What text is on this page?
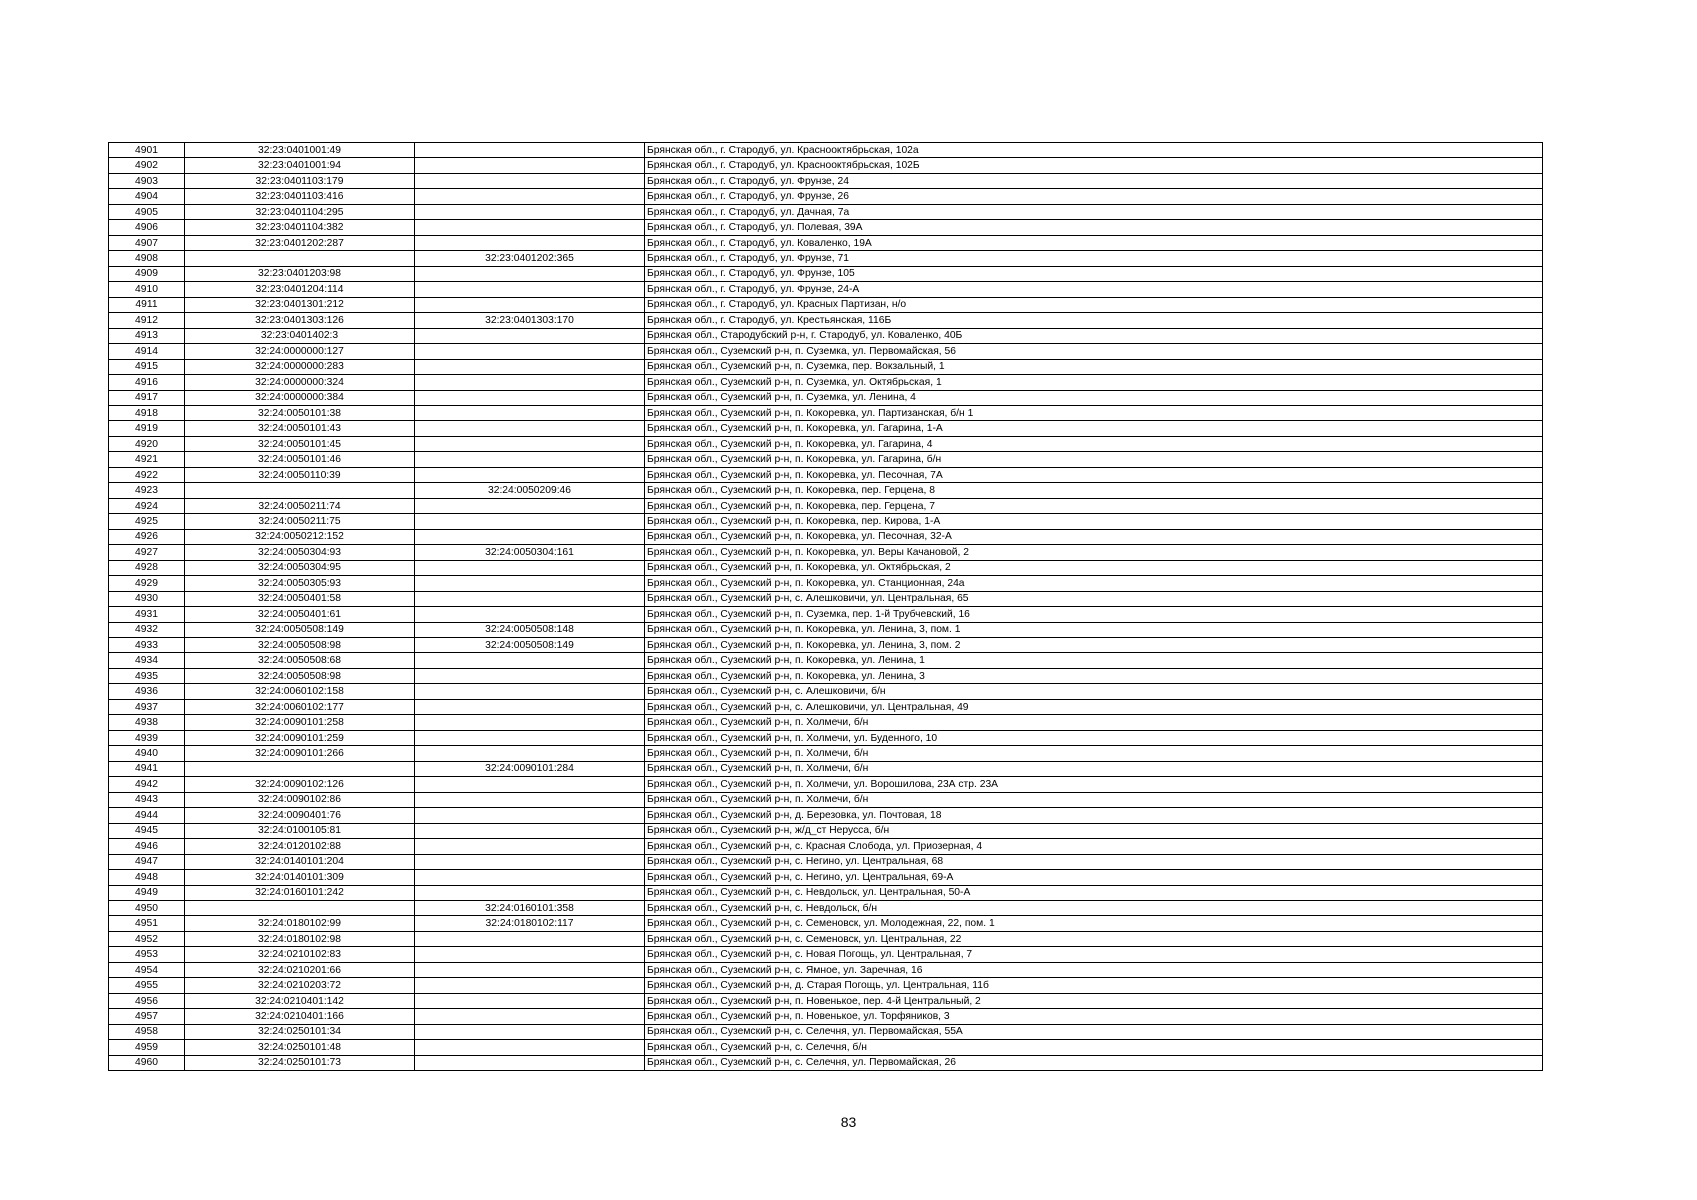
4901	32:23:0401001:49		Брянская обл., г. Стародуб, ул. Краснооктябрьская, 102а
4902	32:23:0401001:94		Брянская обл., г. Стародуб, ул. Краснооктябрьская, 102Б
4903	32:23:0401103:179		Брянская обл., г. Стародуб, ул. Фрунзе, 24
4904	32:23:0401103:416		Брянская обл., г. Стародуб, ул. Фрунзе, 26
4905	32:23:0401104:295		Брянская обл., г. Стародуб, ул. Дачная, 7а
4906	32:23:0401104:382		Брянская обл., г. Стародуб, ул. Полевая, 39А
4907	32:23:0401202:287		Брянская обл., г. Стародуб, ул. Коваленко, 19А
4908		32:23:0401202:365	Брянская обл., г. Стародуб, ул. Фрунзе, 71
4909	32:23:0401203:98		Брянская обл., г. Стародуб, ул. Фрунзе, 105
4910	32:23:0401204:114		Брянская обл., г. Стародуб, ул. Фрунзе, 24-А
4911	32:23:0401301:212		Брянская обл., г. Стародуб, ул. Красных Партизан, н/о
4912	32:23:0401303:126	32:23:0401303:170	Брянская обл., г. Стародуб, ул. Крестьянская, 116Б
4913	32:23:0401402:3		Брянская обл., Стародубский р-н, г. Стародуб, ул. Коваленко, 40Б
4914	32:24:0000000:127		Брянская обл., Суземский р-н, п. Суземка, ул. Первомайская, 56
4915	32:24:0000000:283		Брянская обл., Суземский р-н, п. Суземка, пер. Вокзальный, 1
4916	32:24:0000000:324		Брянская обл., Суземский р-н, п. Суземка, ул. Октябрьская, 1
4917	32:24:0000000:384		Брянская обл., Суземский р-н, п. Суземка, ул. Ленина, 4
4918	32:24:0050101:38		Брянская обл., Суземский р-н, п. Кокоревка, ул. Партизанская, б/н 1
4919	32:24:0050101:43		Брянская обл., Суземский р-н, п. Кокоревка, ул. Гагарина, 1-А
4920	32:24:0050101:45		Брянская обл., Суземский р-н, п. Кокоревка, ул. Гагарина, 4
4921	32:24:0050101:46		Брянская обл., Суземский р-н, п. Кокоревка, ул. Гагарина, б/н
4922	32:24:0050110:39		Брянская обл., Суземский р-н, п. Кокоревка, ул. Песочная, 7А
4923		32:24:0050209:46	Брянская обл., Суземский р-н, п. Кокоревка, пер. Герцена, 8
4924	32:24:0050211:74		Брянская обл., Суземский р-н, п. Кокоревка, пер. Герцена, 7
4925	32:24:0050211:75		Брянская обл., Суземский р-н, п. Кокоревка, пер. Кирова, 1-А
4926	32:24:0050212:152		Брянская обл., Суземский р-н, п. Кокоревка, ул. Песочная, 32-А
4927	32:24:0050304:93	32:24:0050304:161	Брянская обл., Суземский р-н, п. Кокоревка, ул. Веры Качановой, 2
4928	32:24:0050304:95		Брянская обл., Суземский р-н, п. Кокоревка, ул. Октябрьская, 2
4929	32:24:0050305:93		Брянская обл., Суземский р-н, п. Кокоревка, ул. Станционная, 24а
4930	32:24:0050401:58		Брянская обл., Суземский р-н, с. Алешковичи, ул. Центральная, 65
4931	32:24:0050401:61		Брянская обл., Суземский р-н, п. Суземка, пер. 1-й Трубчевский, 16
4932	32:24:0050508:149	32:24:0050508:148	Брянская обл., Суземский р-н, п. Кокоревка, ул. Ленина, 3, пом. 1
4933	32:24:0050508:98	32:24:0050508:149	Брянская обл., Суземский р-н, п. Кокоревка, ул. Ленина, 3, пом. 2
4934	32:24:0050508:68		Брянская обл., Суземский р-н, п. Кокоревка, ул. Ленина, 1
4935	32:24:0050508:98		Брянская обл., Суземский р-н, п. Кокоревка, ул. Ленина, 3
4936	32:24:0060102:158		Брянская обл., Суземский р-н, с. Алешковичи, б/н
4937	32:24:0060102:177		Брянская обл., Суземский р-н, с. Алешковичи, ул. Центральная, 49
4938	32:24:0090101:258		Брянская обл., Суземский р-н, п. Холмечи, б/н
4939	32:24:0090101:259		Брянская обл., Суземский р-н, п. Холмечи, ул. Буденного, 10
4940	32:24:0090101:266		Брянская обл., Суземский р-н, п. Холмечи, б/н
4941		32:24:0090101:284	Брянская обл., Суземский р-н, п. Холмечи, б/н
4942	32:24:0090102:126		Брянская обл., Суземский р-н, п. Холмечи, ул. Ворошилова, 23А стр. 23А
4943	32:24:0090102:86		Брянская обл., Суземский р-н, п. Холмечи, б/н
4944	32:24:0090401:76		Брянская обл., Суземский р-н, д. Березовка, ул. Почтовая, 18
4945	32:24:0100105:81		Брянская обл., Суземский р-н, ж/д_ст Нерусса, б/н
4946	32:24:0120102:88		Брянская обл., Суземский р-н, с. Красная Слобода, ул. Приозерная, 4
4947	32:24:0140101:204		Брянская обл., Суземский р-н, с. Негино, ул. Центральная, 68
4948	32:24:0140101:309		Брянская обл., Суземский р-н, с. Негино, ул. Центральная, 69-А
4949	32:24:0160101:242		Брянская обл., Суземский р-н, с. Невдольск, ул. Центральная, 50-А
4950		32:24:0160101:358	Брянская обл., Суземский р-н, с. Невдольск, б/н
4951	32:24:0180102:99	32:24:0180102:117	Брянская обл., Суземский р-н, с. Семеновск, ул. Молодежная, 22, пом. 1
4952	32:24:0180102:98		Брянская обл., Суземский р-н, с. Семеновск, ул. Центральная, 22
4953	32:24:0210102:83		Брянская обл., Суземский р-н, с. Новая Погощь, ул. Центральная, 7
4954	32:24:0210201:66		Брянская обл., Суземский р-н, с. Ямное, ул. Заречная, 16
4955	32:24:0210203:72		Брянская обл., Суземский р-н, д. Старая Погощь, ул. Центральная, 11б
4956	32:24:0210401:142		Брянская обл., Суземский р-н, п. Новенькое, пер. 4-й Центральный, 2
4957	32:24:0210401:166		Брянская обл., Суземский р-н, п. Новенькое, ул. Торфяников, 3
4958	32:24:0250101:34		Брянская обл., Суземский р-н, с. Селечня, ул. Первомайская, 55А
4959	32:24:0250101:48		Брянская обл., Суземский р-н, с. Селечня, б/н
4960	32:24:0250101:73		Брянская обл., Суземский р-н, с. Селечня, ул. Первомайская, 26
83
